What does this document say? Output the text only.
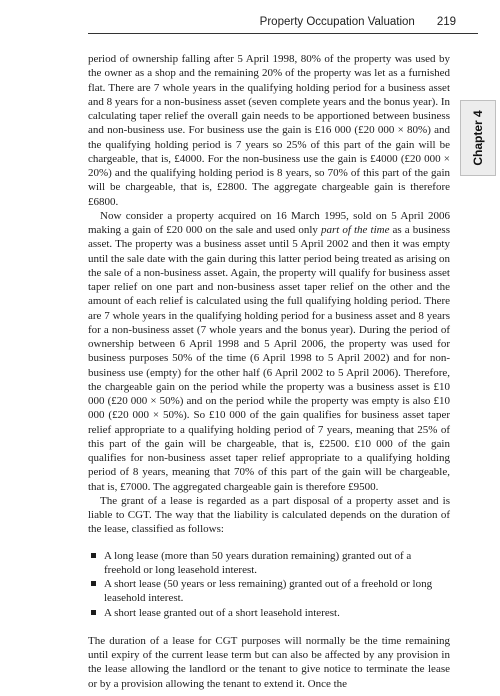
Property Occupation Valuation 219
Chapter 4

period of ownership falling after 5 April 1998, 80% of the property was used by the owner as a shop and the remaining 20% of the property was let as a furnished flat. There are 7 whole years in the qualifying holding period for a business asset and 8 years for a non-business asset (seven complete years and the bonus year). In calculating taper relief the overall gain needs to be apportioned between business and non-business use. For business use the gain is £16 000 (£20 000 × 80%) and the qualifying holding period is 7 years so 25% of this part of the gain will be chargeable, that is, £4000. For the non-business use the gain is £4000 (£20 000 × 20%) and the qualifying holding period is 8 years, so 70% of this part of the gain will be chargeable, that is, £2800. The aggregate chargeable gain is therefore £6800.

Now consider a property acquired on 16 March 1995, sold on 5 April 2006 making a gain of £20 000 on the sale and used only part of the time as a business asset. The property was a business asset until 5 April 2002 and then it was empty until the sale date with the gain during this latter period being treated as arising on the sale of a non-business asset. Again, the property will qualify for business asset taper relief on one part and non-business asset taper relief on the other and the amount of each relief is calculated using the full qualifying holding period. There are 7 whole years in the qualifying holding period for a business asset and 8 years for a non-business asset (7 whole years and the bonus year). During the period of ownership between 6 April 1998 and 5 April 2006, the property was used for business purposes 50% of the time (6 April 1998 to 5 April 2002) and for non-business use (empty) for the other half (6 April 2002 to 5 April 2006). Therefore, the chargeable gain on the period while the property was a business asset is £10 000 (£20 000 × 50%) and on the period while the property was empty is also £10 000 (£20 000 × 50%). So £10 000 of the gain qualifies for business asset taper relief appropriate to a qualifying holding period of 7 years, meaning that 25% of this part of the gain will be chargeable, that is, £2500. £10 000 of the gain qualifies for non-business asset taper relief appropriate to a qualifying holding period of 8 years, meaning that 70% of this part of the gain will be chargeable, that is, £7000. The aggregated chargeable gain is therefore £9500.

The grant of a lease is regarded as a part disposal of a property asset and is liable to CGT. The way that the liability is calculated depends on the duration of the lease, classified as follows:

A long lease (more than 50 years duration remaining) granted out of a freehold or long leasehold interest.
A short lease (50 years or less remaining) granted out of a freehold or long leasehold interest.
A short lease granted out of a short leasehold interest.

The duration of a lease for CGT purposes will normally be the time remaining until expiry of the current lease term but can also be affected by any provision in the lease allowing the landlord or the tenant to give notice to terminate the lease or by a provision allowing the tenant to extend it. Once the
